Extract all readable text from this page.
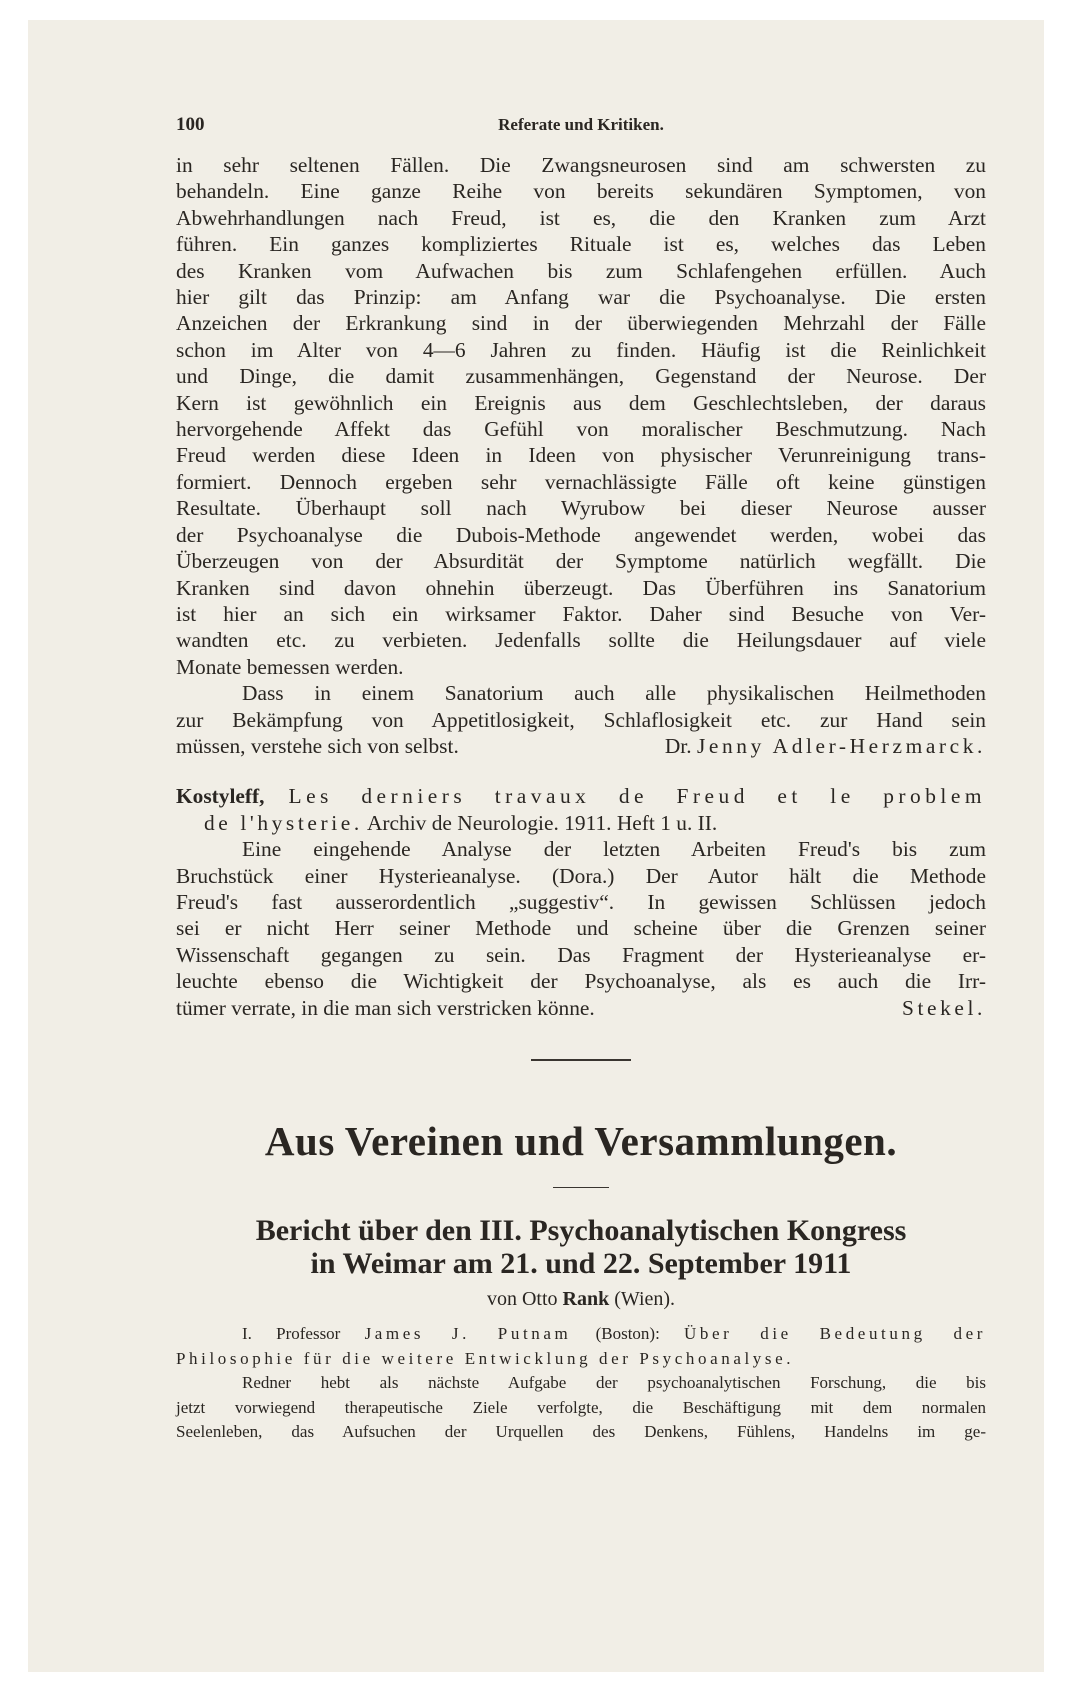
100	Referate und Kritiken.
in sehr seltenen Fällen. Die Zwangsneurosen sind am schwersten zu
behandeln. Eine ganze Reihe von bereits sekundären Symptomen, von
Abwehrhandlungen nach Freud, ist es, die den Kranken zum Arzt
führen. Ein ganzes kompliziertes Rituale ist es, welches das Leben
des Kranken vom Aufwachen bis zum Schlafengehen erfüllen. Auch
hier gilt das Prinzip: am Anfang war die Psychoanalyse. Die ersten
Anzeichen der Erkrankung sind in der überwiegenden Mehrzahl der Fälle
schon im Alter von 4—6 Jahren zu finden. Häufig ist die Reinlichkeit
und Dinge, die damit zusammenhängen, Gegenstand der Neurose. Der
Kern ist gewöhnlich ein Ereignis aus dem Geschlechtsleben, der daraus
hervorgehende Affekt das Gefühl von moralischer Beschmutzung. Nach
Freud werden diese Ideen in Ideen von physischer Verunreinigung trans-
formiert. Dennoch ergeben sehr vernachlässigte Fälle oft keine günstigen
Resultate. Überhaupt soll nach Wyrubow bei dieser Neurose ausser
der Psychoanalyse die Dubois-Methode angewendet werden, wobei das
Überzeugen von der Absurdität der Symptome natürlich wegfällt. Die
Kranken sind davon ohnehin überzeugt. Das Überführen ins Sanatorium
ist hier an sich ein wirksamer Faktor. Daher sind Besuche von Ver-
wandten etc. zu verbieten. Jedenfalls sollte die Heilungsdauer auf viele
Monate bemessen werden.
Dass in einem Sanatorium auch alle physikalischen Heilmethoden
zur Bekämpfung von Appetitlosigkeit, Schlaflosigkeit etc. zur Hand sein
müssen, verstehe sich von selbst.	Dr. Jenny Adler-Herzmarck.
Kostyleff, Les derniers travaux de Freud et le problem
de l'hysterie. Archiv de Neurologie. 1911. Heft 1 u. II.
Eine eingehende Analyse der letzten Arbeiten Freud's bis zum
Bruchstück einer Hysterieanalyse. (Dora.) Der Autor hält die Methode
Freud's fast ausserordentlich „suggestiv“. In gewissen Schlüssen jedoch
sei er nicht Herr seiner Methode und scheine über die Grenzen seiner
Wissenschaft gegangen zu sein. Das Fragment der Hysterieanalyse er-
leuchte ebenso die Wichtigkeit der Psychoanalyse, als es auch die Irr-
tümer verrate, in die man sich verstricken könne.	Stekel.
Aus Vereinen und Versammlungen.
Bericht über den III. Psychoanalytischen Kongress
in Weimar am 21. und 22. September 1911
von Otto Rank (Wien).
I. Professor James J. Putnam (Boston): Über die Bedeutung der
Philosophie für die weitere Entwicklung der Psychoanalyse.
Redner hebt als nächste Aufgabe der psychoanalytischen Forschung, die bis
jetzt vorwiegend therapeutische Ziele verfolgte, die Beschäftigung mit dem normalen
Seelenleben, das Aufsuchen der Urquellen des Denkens, Fühlens, Handelns im ge-
